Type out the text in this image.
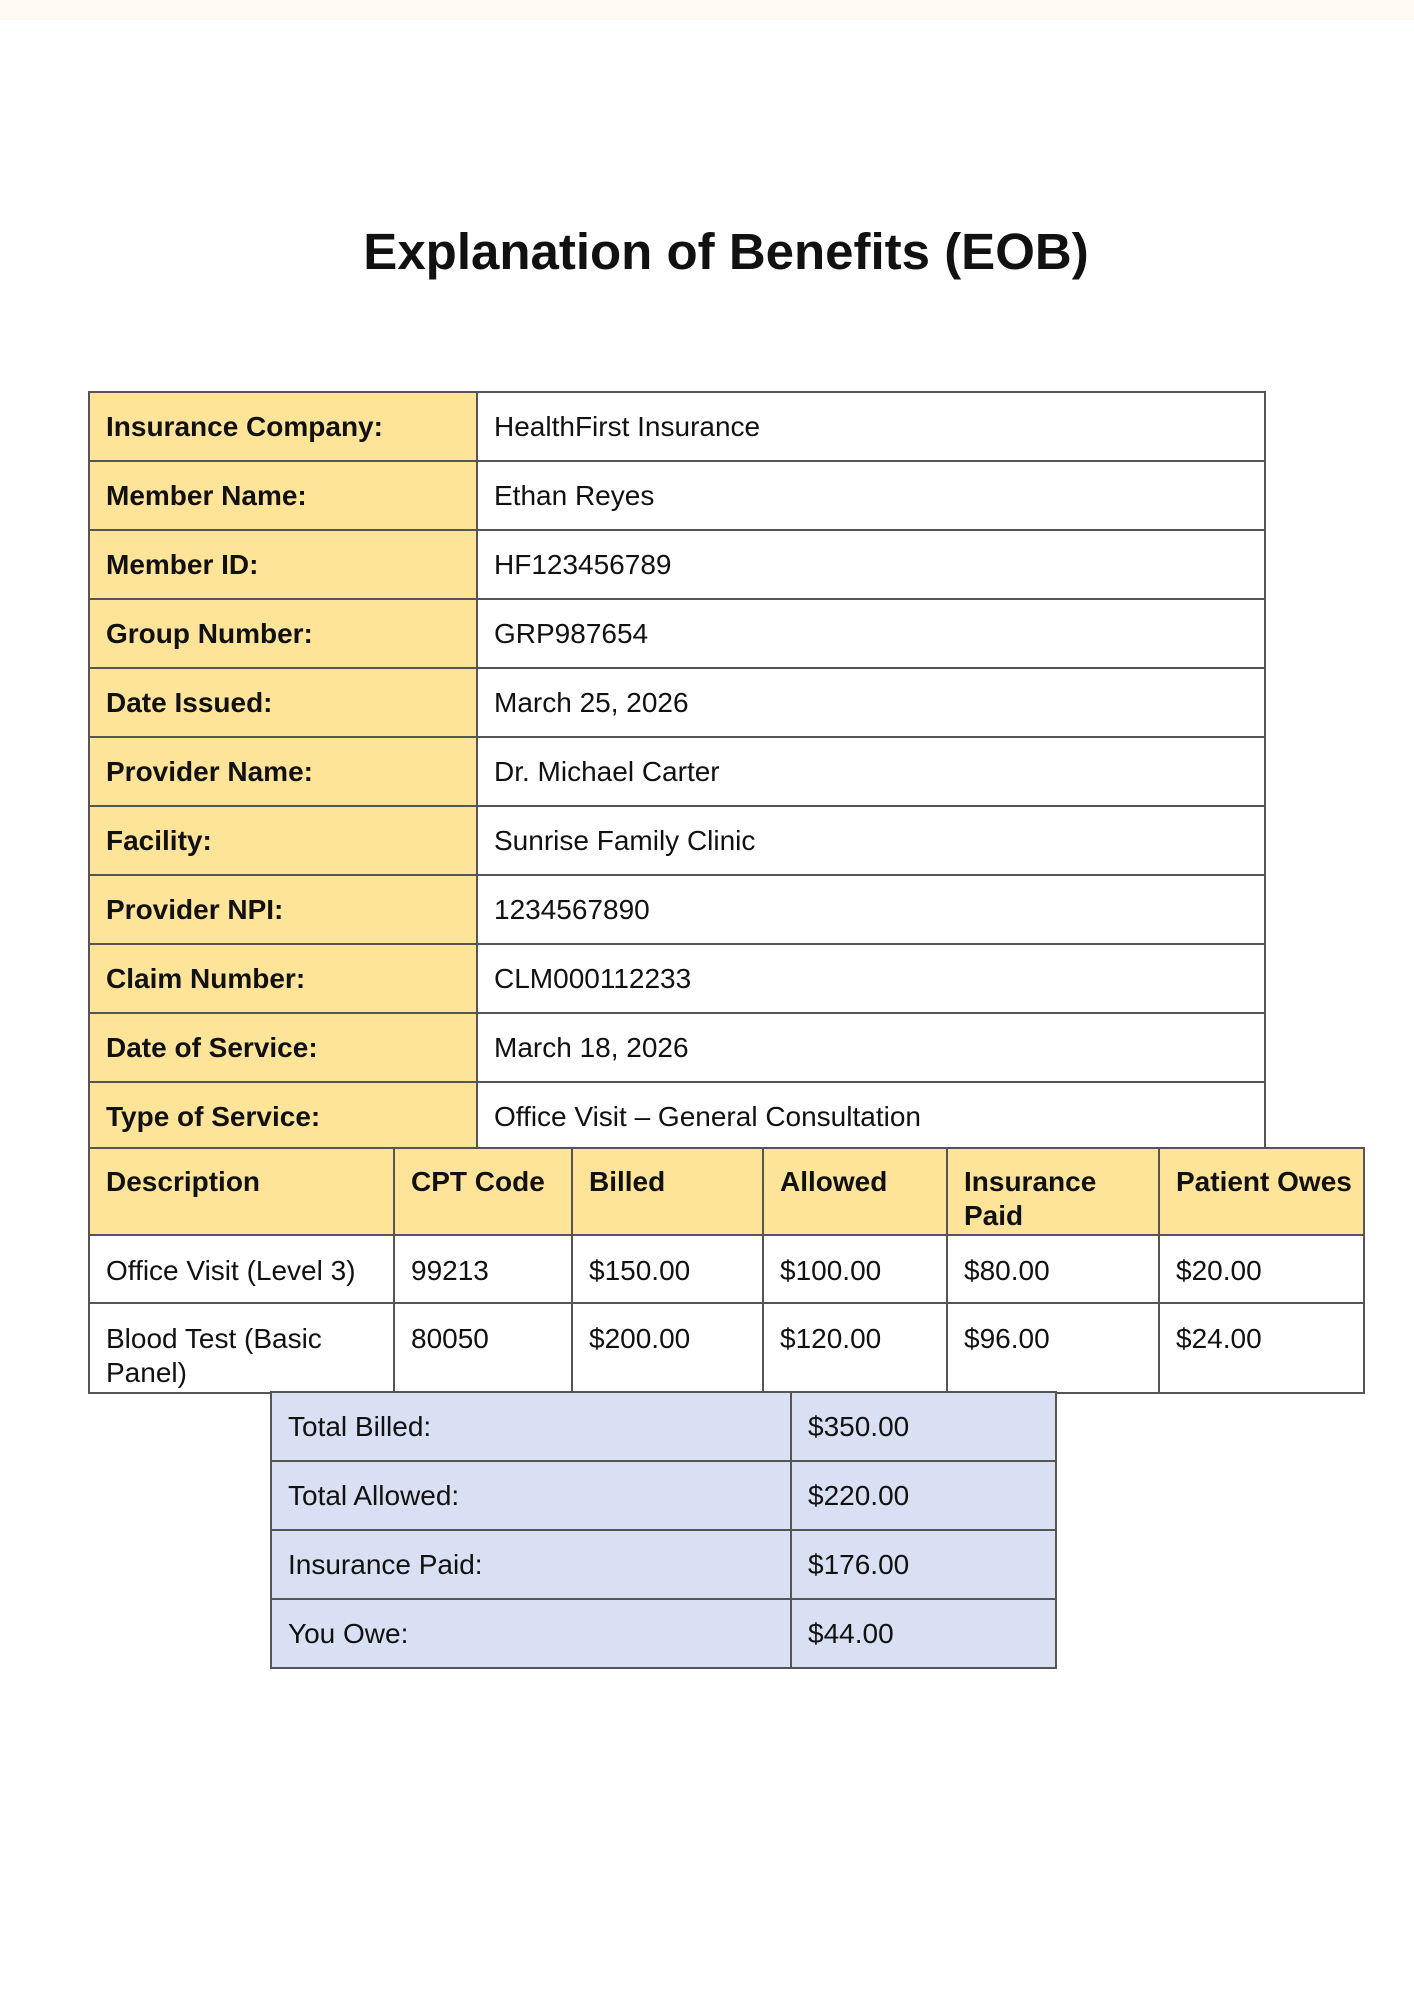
Explanation of Benefits (EOB)
Insurance Company:	HealthFirst Insurance
Member Name:	Ethan Reyes
Member ID:	HF123456789
Group Number:	GRP987654
Date Issued:	March 25, 2026
Provider Name:	Dr. Michael Carter
Facility:	Sunrise Family Clinic
Provider NPI:	1234567890
Claim Number:	CLM000112233
Date of Service:	March 18, 2026
Type of Service:	Office Visit – General Consultation
Description	CPT Code	Billed	Allowed	Insurance Paid	Patient Owes
Office Visit (Level 3)	99213	$150.00	$100.00	$80.00	$20.00
Blood Test (Basic Panel)	80050	$200.00	$120.00	$96.00	$24.00
Total Billed:	$350.00
Total Allowed:	$220.00
Insurance Paid:	$176.00
You Owe:	$44.00
